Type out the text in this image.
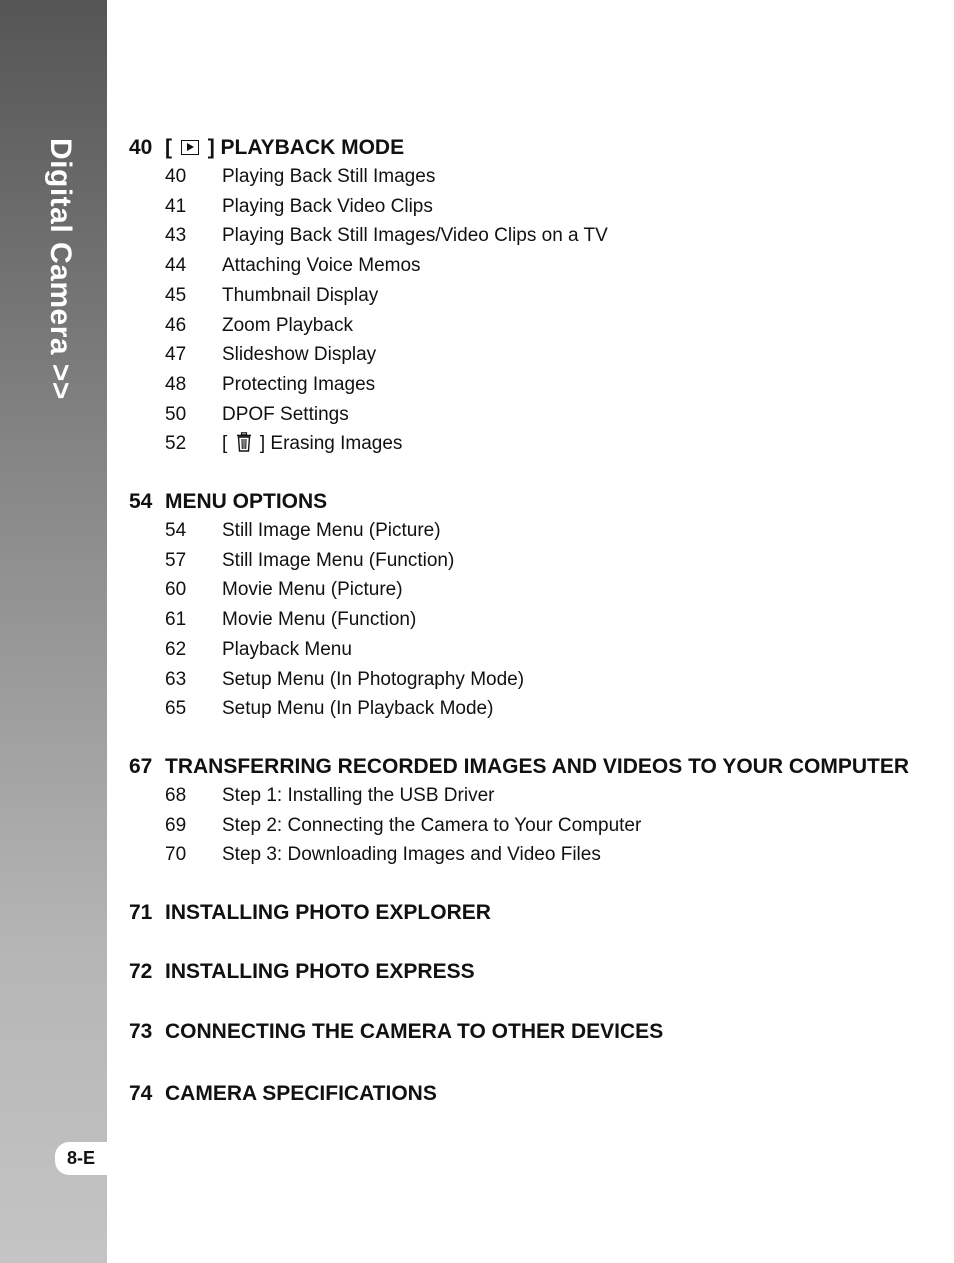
Digital Camera >>
8-E
40 [ ] PLAYBACK MODE
40	Playing Back Still Images
41	Playing Back Video Clips
43	Playing Back Still Images/Video Clips on a TV
44	Attaching Voice Memos
45	Thumbnail Display
46	Zoom Playback
47	Slideshow Display
48	Protecting Images
50	DPOF Settings
52	[ ] Erasing Images
54 MENU OPTIONS
54	Still Image Menu (Picture)
57	Still Image Menu (Function)
60	Movie Menu (Picture)
61	Movie Menu (Function)
62	Playback Menu
63	Setup Menu (In Photography Mode)
65	Setup Menu (In Playback Mode)
67 TRANSFERRING RECORDED IMAGES AND VIDEOS TO YOUR COMPUTER
68	Step 1: Installing the USB Driver
69	Step 2: Connecting the Camera to Your Computer
70	Step 3: Downloading Images and Video Files
71 INSTALLING PHOTO EXPLORER
72 INSTALLING PHOTO EXPRESS
73 CONNECTING THE CAMERA TO OTHER DEVICES
74 CAMERA SPECIFICATIONS
